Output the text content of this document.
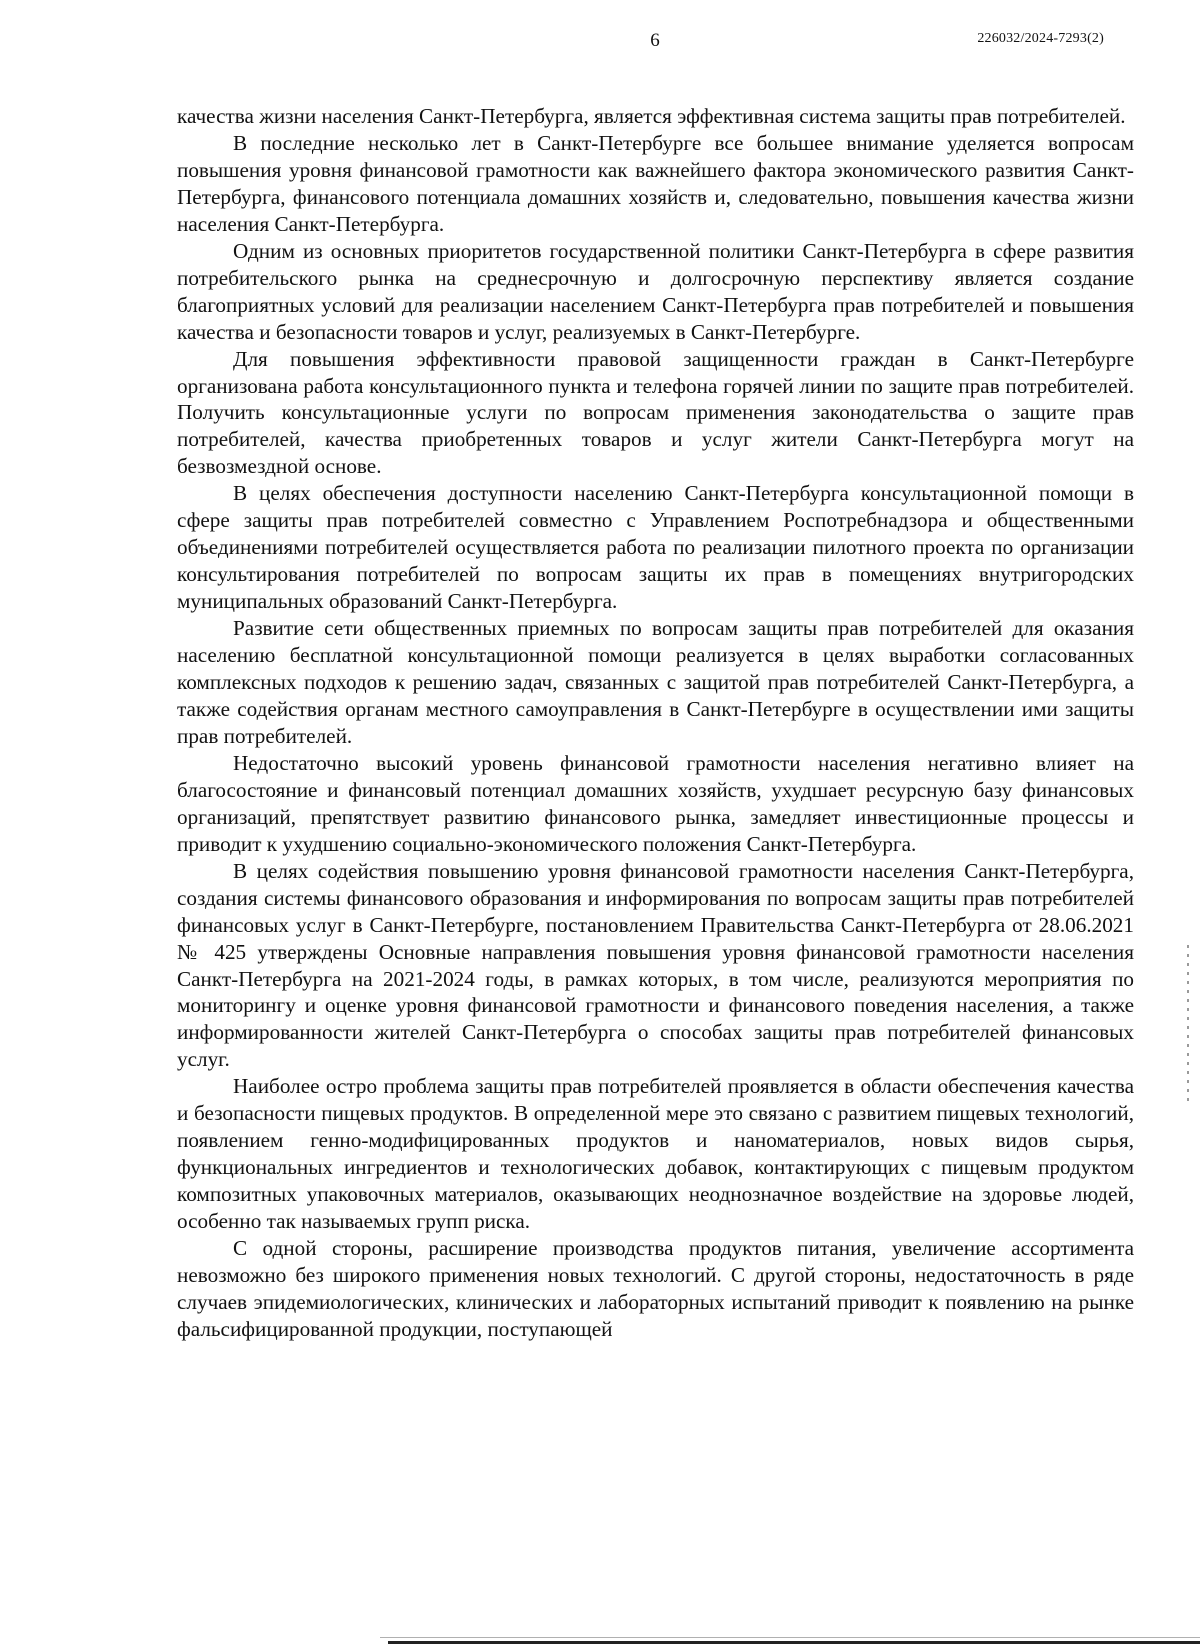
6	226032/2024-7293(2)

качества жизни населения Санкт-Петербурга, является эффективная система защиты прав потребителей.

В последние несколько лет в Санкт-Петербурге все большее внимание уделяется вопросам повышения уровня финансовой грамотности как важнейшего фактора экономического развития Санкт-Петербурга, финансового потенциала домашних хозяйств и, следовательно, повышения качества жизни населения Санкт-Петербурга.

Одним из основных приоритетов государственной политики Санкт-Петербурга в сфере развития потребительского рынка на среднесрочную и долгосрочную перспективу является создание благоприятных условий для реализации населением Санкт-Петербурга прав потребителей и повышения качества и безопасности товаров и услуг, реализуемых в Санкт-Петербурге.

Для повышения эффективности правовой защищенности граждан в Санкт-Петербурге организована работа консультационного пункта и телефона горячей линии по защите прав потребителей. Получить консультационные услуги по вопросам применения законодательства о защите прав потребителей, качества приобретенных товаров и услуг жители Санкт-Петербурга могут на безвозмездной основе.

В целях обеспечения доступности населению Санкт-Петербурга консультационной помощи в сфере защиты прав потребителей совместно с Управлением Роспотребнадзора и общественными объединениями потребителей осуществляется работа по реализации пилотного проекта по организации консультирования потребителей по вопросам защиты их прав в помещениях внутригородских муниципальных образований Санкт-Петербурга.

Развитие сети общественных приемных по вопросам защиты прав потребителей для оказания населению бесплатной консультационной помощи реализуется в целях выработки согласованных комплексных подходов к решению задач, связанных с защитой прав потребителей Санкт-Петербурга, а также содействия органам местного самоуправления в Санкт-Петербурге в осуществлении ими защиты прав потребителей.

Недостаточно высокий уровень финансовой грамотности населения негативно влияет на благосостояние и финансовый потенциал домашних хозяйств, ухудшает ресурсную базу финансовых организаций, препятствует развитию финансового рынка, замедляет инвестиционные процессы и приводит к ухудшению социально-экономического положения Санкт-Петербурга.

В целях содействия повышению уровня финансовой грамотности населения Санкт-Петербурга, создания системы финансового образования и информирования по вопросам защиты прав потребителей финансовых услуг в Санкт-Петербурге, постановлением Правительства Санкт-Петербурга от 28.06.2021 № 425 утверждены Основные направления повышения уровня финансовой грамотности населения Санкт-Петербурга на 2021-2024 годы, в рамках которых, в том числе, реализуются мероприятия по мониторингу и оценке уровня финансовой грамотности и финансового поведения населения, а также информированности жителей Санкт-Петербурга о способах защиты прав потребителей финансовых услуг.

Наиболее остро проблема защиты прав потребителей проявляется в области обеспечения качества и безопасности пищевых продуктов. В определенной мере это связано с развитием пищевых технологий, появлением генно-модифицированных продуктов и наноматериалов, новых видов сырья, функциональных ингредиентов и технологических добавок, контактирующих с пищевым продуктом композитных упаковочных материалов, оказывающих неоднозначное воздействие на здоровье людей, особенно так называемых групп риска.

С одной стороны, расширение производства продуктов питания, увеличение ассортимента невозможно без широкого применения новых технологий. С другой стороны, недостаточность в ряде случаев эпидемиологических, клинических и лабораторных испытаний приводит к появлению на рынке фальсифицированной продукции, поступающей
